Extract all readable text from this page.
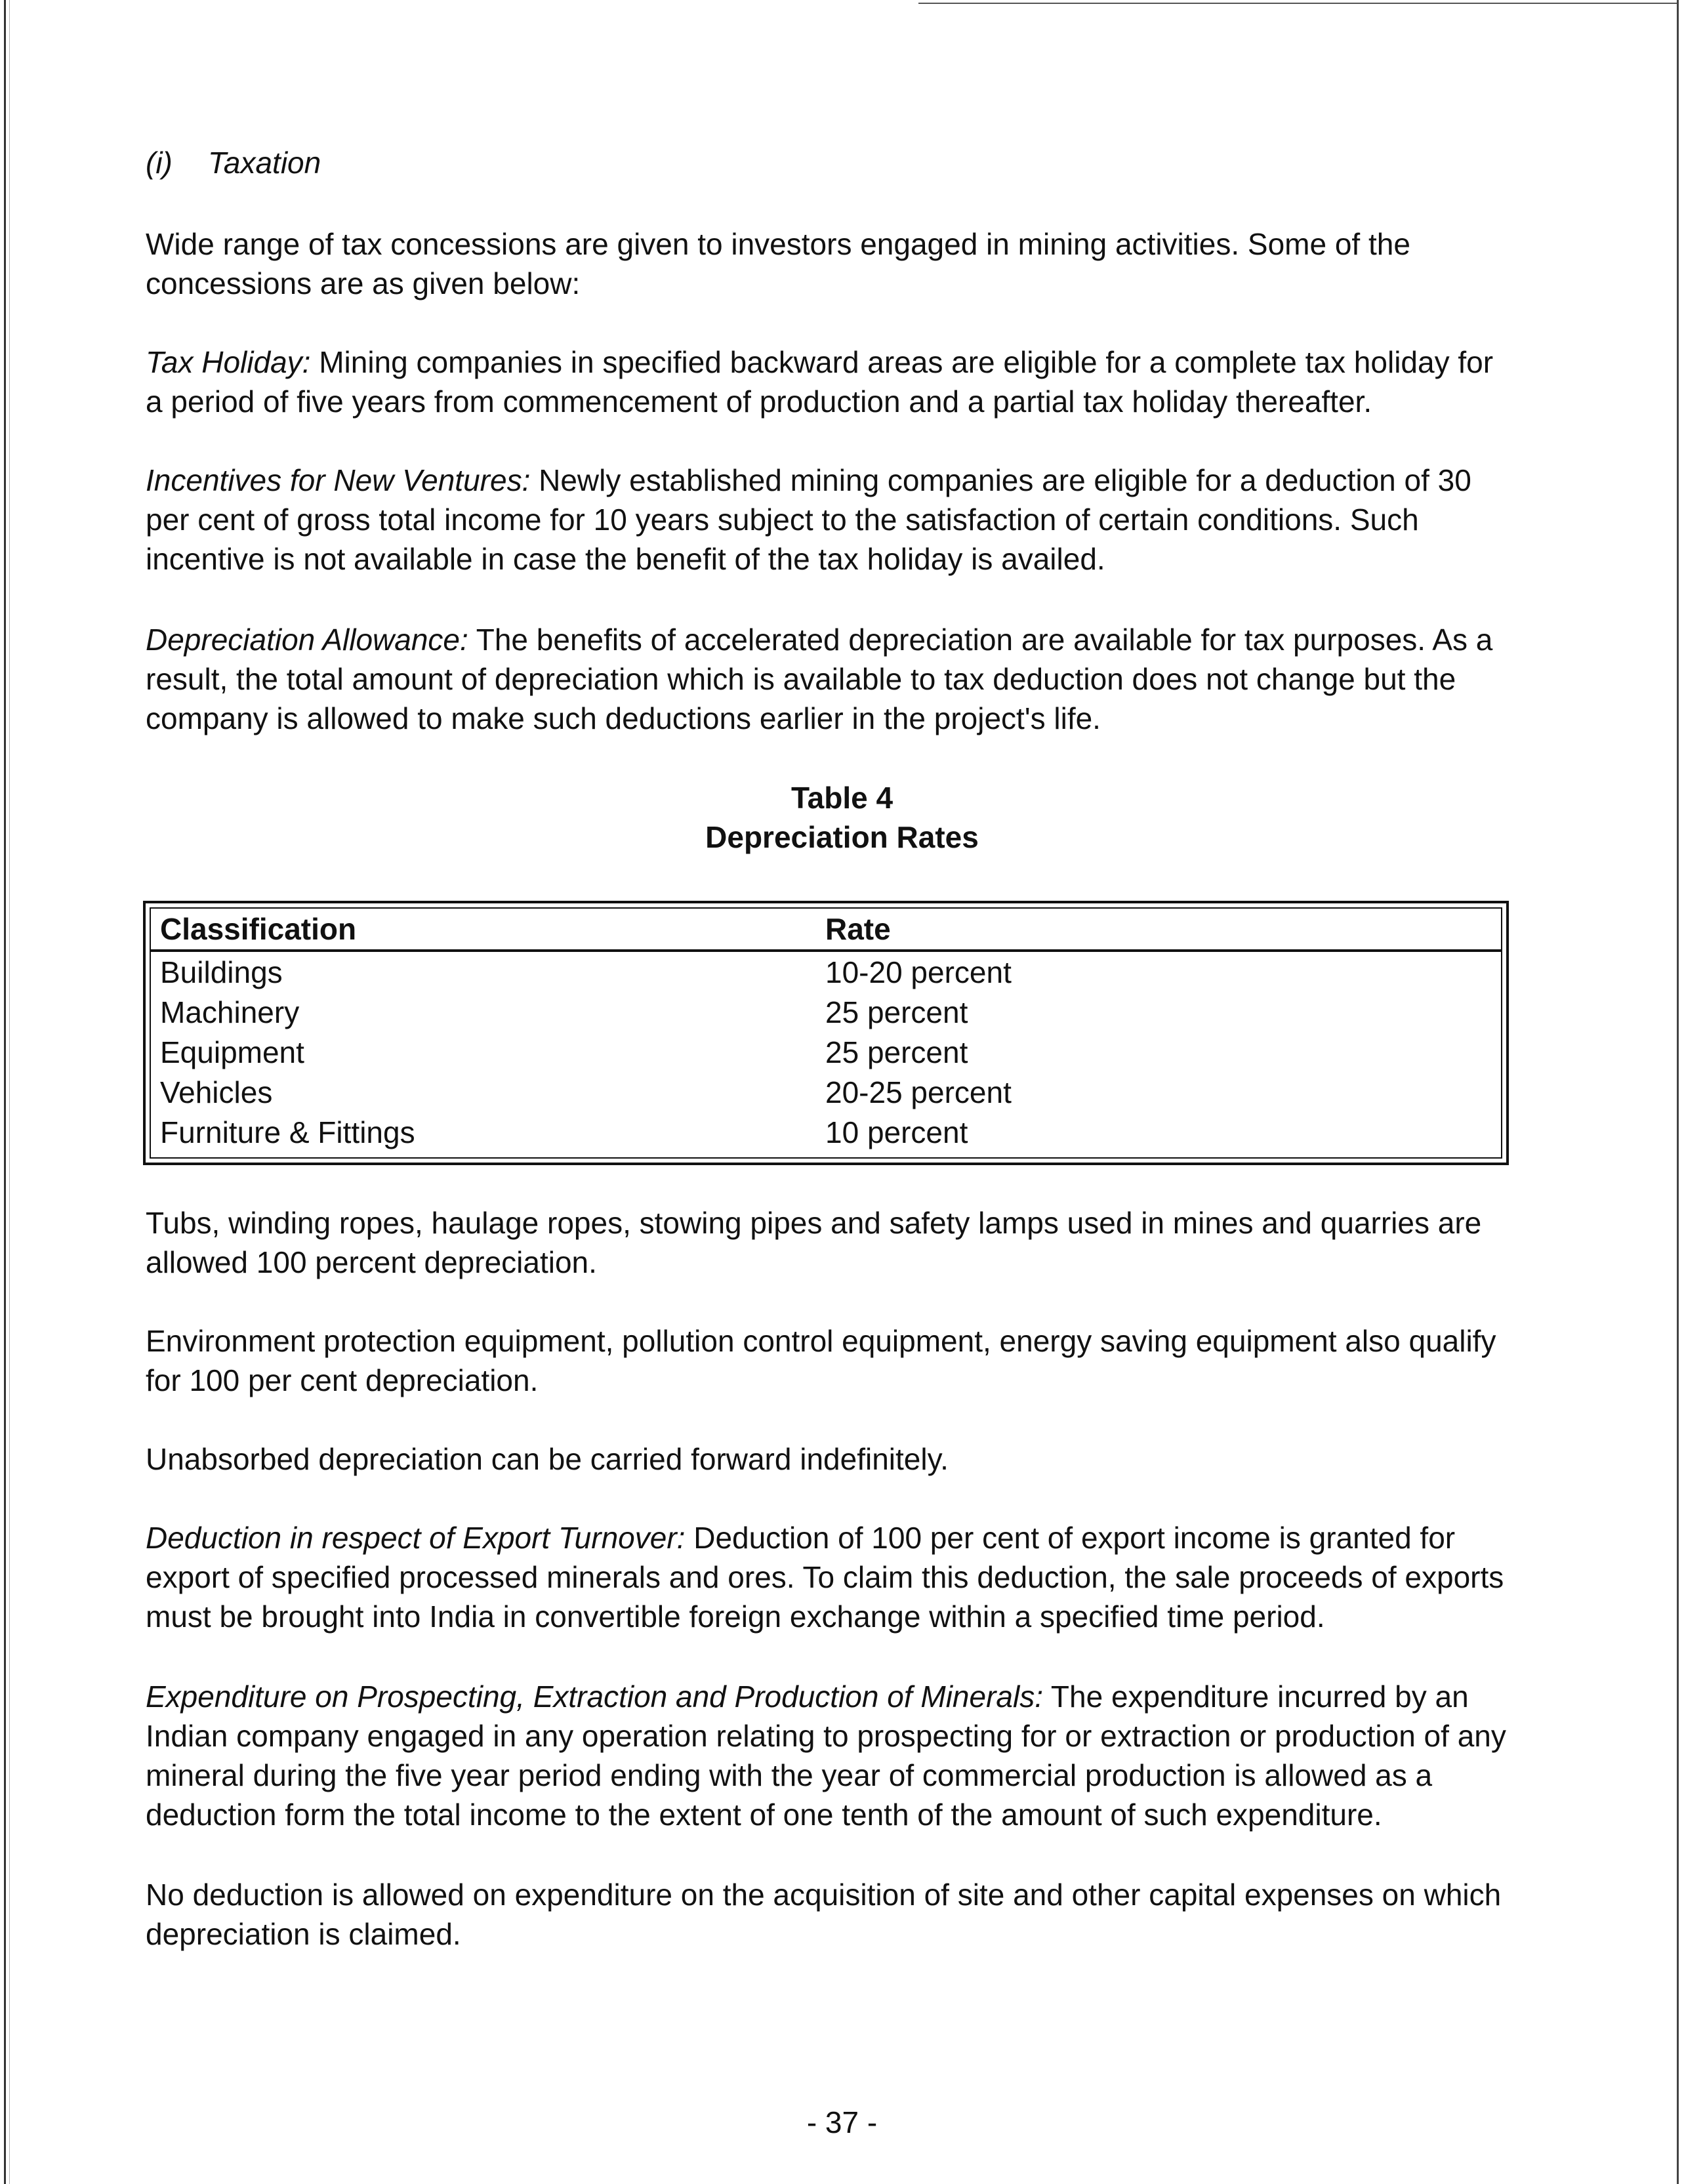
(i) Taxation

Wide range of tax concessions are given to investors engaged in mining activities. Some of the concessions are as given below:

Tax Holiday: Mining companies in specified backward areas are eligible for a complete tax holiday for a period of five years from commencement of production and a partial tax holiday thereafter.

Incentives for New Ventures: Newly established mining companies are eligible for a deduction of 30 per cent of gross total income for 10 years subject to the satisfaction of certain conditions. Such incentive is not available in case the benefit of the tax holiday is availed.

Depreciation Allowance: The benefits of accelerated depreciation are available for tax purposes. As a result, the total amount of depreciation which is available to tax deduction does not change but the company is allowed to make such deductions earlier in the project's life.

Table 4
Depreciation Rates
Classification	Rate
Buildings	10-20 percent
Machinery	25 percent
Equipment	25 percent
Vehicles	20-25 percent
Furniture & Fittings	10 percent

Tubs, winding ropes, haulage ropes, stowing pipes and safety lamps used in mines and quarries are allowed 100 percent depreciation.

Environment protection equipment, pollution control equipment, energy saving equipment also qualify for 100 per cent depreciation.

Unabsorbed depreciation can be carried forward indefinitely.

Deduction in respect of Export Turnover: Deduction of 100 per cent of export income is granted for export of specified processed minerals and ores. To claim this deduction, the sale proceeds of exports must be brought into India in convertible foreign exchange within a specified time period.

Expenditure on Prospecting, Extraction and Production of Minerals: The expenditure incurred by an Indian company engaged in any operation relating to prospecting for or extraction or production of any mineral during the five year period ending with the year of commercial production is allowed as a deduction form the total income to the extent of one tenth of the amount of such expenditure.

No deduction is allowed on expenditure on the acquisition of site and other capital expenses on which depreciation is claimed.

- 37 -
